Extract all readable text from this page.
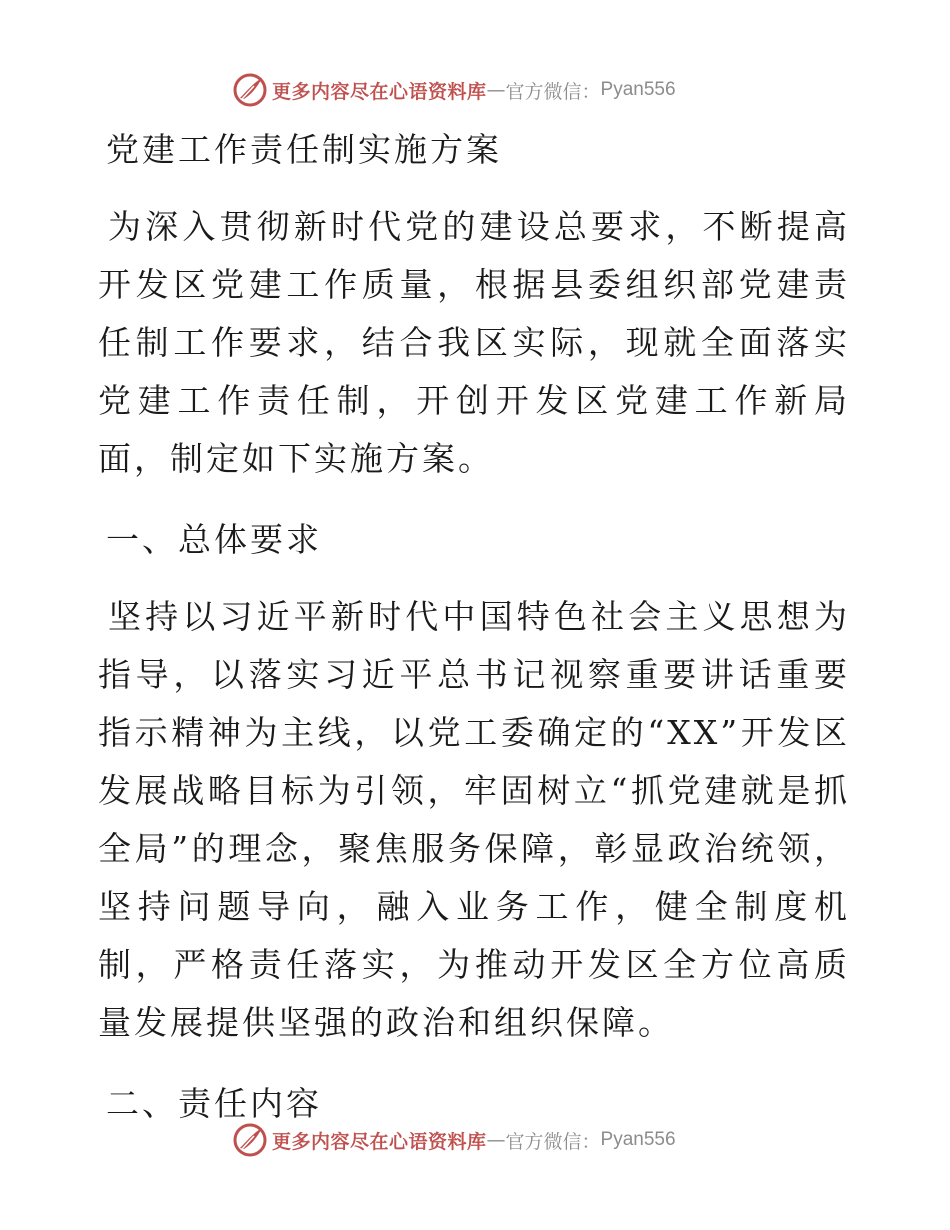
更多内容尽在心语资料库 — 官方微信： Pyan556
党建工作责任制实施方案
为深入贯彻新时代党的建设总要求，不断提高开发区党建工作质量，根据县委组织部党建责任制工作要求，结合我区实际，现就全面落实党建工作责任制，开创开发区党建工作新局面，制定如下实施方案。
一、总体要求
坚持以习近平新时代中国特色社会主义思想为指导，以落实习近平总书记视察重要讲话重要指示精神为主线，以党工委确定的“XX”开发区发展战略目标为引领，牢固树立“抓党建就是抓全局”的理念，聚焦服务保障，彰显政治统领，坚持问题导向，融入业务工作，健全制度机制，严格责任落实，为推动开发区全方位高质量发展提供坚强的政治和组织保障。
二、责任内容
更多内容尽在心语资料库 — 官方微信： Pyan556
